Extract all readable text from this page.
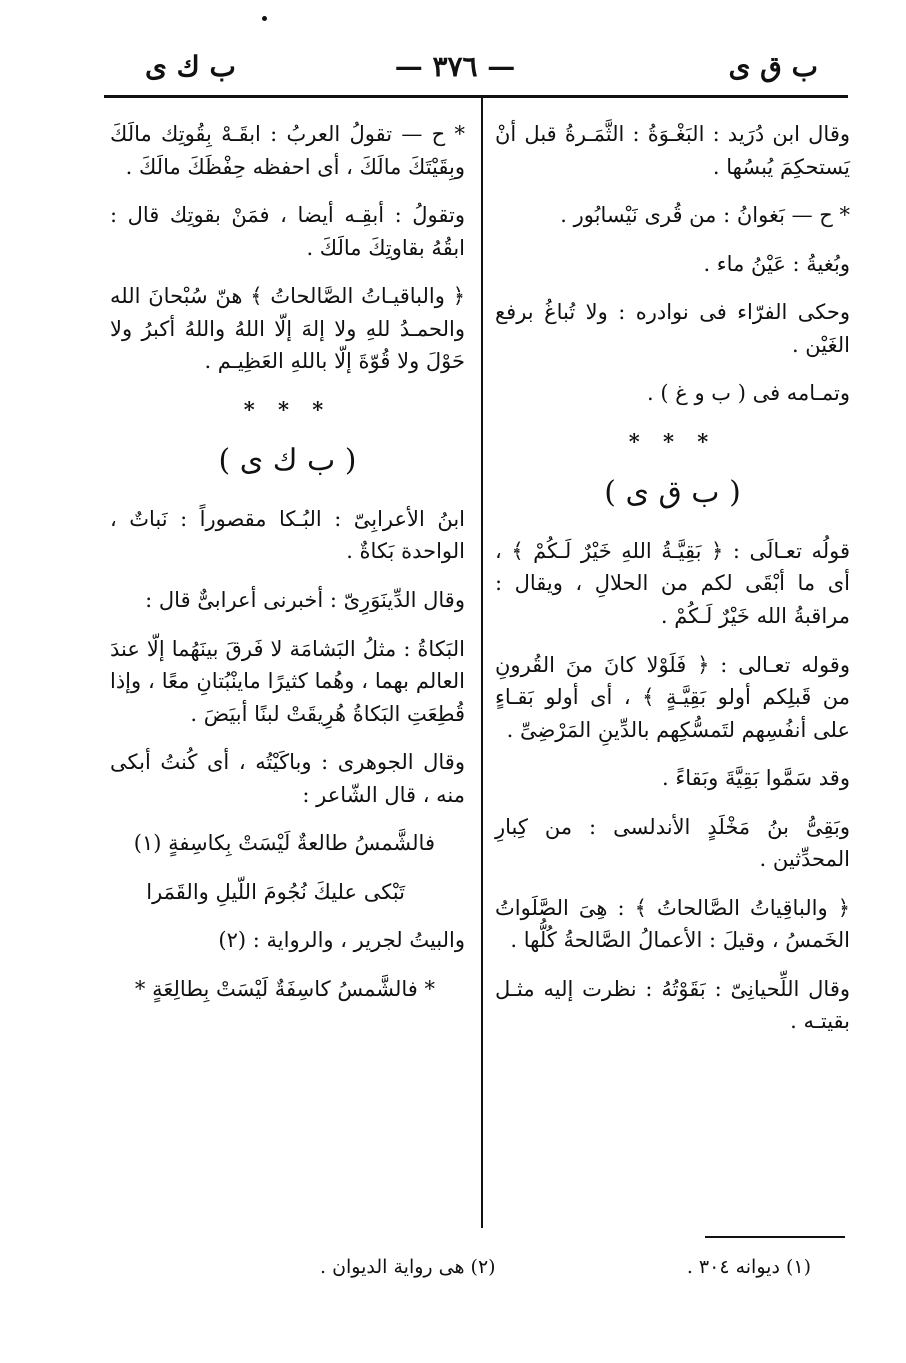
ب ق ى
— ٣٧٦ —
ب ك ى

وقال ابن دُرَيد : البَغْـوَةُ : الثَّمَـرةُ قبل أنْ يَستحكِمَ يُبسُها .

* ح — بَغوانُ : من قُرى نَيْسابُور .

وبُغيةُ : عَيْنُ ماء .

وحكى الفرّاء فى نوادره : ولا تُباغُ برفع الغَيْن .

وتمـامه فى ( ب و غ ) .

* * *
( ب ق ى )

قولُه تعـالَى : ﴿ بَقِيَّـةُ اللهِ خَيْرٌ لَـكُمْ ﴾ ، أى ما أبْقَى لكم من الحلالِ ، ويقال : مراقبةُ الله خَيْرٌ لَـكُمْ .

وقوله تعـالى : ﴿ فَلَوْلا كانَ منَ القُرونِ من قَبلِكم أولو بَقِيَّـةٍ ﴾ ، أى أولو بَقـاءٍ على أنفُسِهم لتَمسُّكِهم بالدِّينِ المَرْضِىِّ .

وقد سَمَّوا بَقِيَّةَ وبَقاءً .

وبَقِىُّ بنُ مَخْلَدٍ الأندلسى : من كِبارِ المحدِّثين .

﴿ والباقِياتُ الصَّالحاتُ ﴾ : هِىَ الصَّلَواتُ الخَمسُ ، وقيلَ : الأعمالُ الصَّالحةُ كُلُّها .

وقال اللِّحيانِىّ : بَقَوْتُهُ : نظرت إليه مثـل بقيتـه .

* ح — تقولُ العربُ : ابقَـهْ بِقُوتِك مالَكَ وبِقَيْتَكَ مالَكَ ، أى احفظه حِفْظَكَ مالَكَ .

وتقولُ : أبقِـه أيضا ، فمَنْ بقوتِك قال : ابقُهُ بقاوتِكَ مالَكَ .

﴿ والباقيـاتُ الصَّالحاتُ ﴾ هنّ سُبْحانَ الله والحمـدُ للهِ ولا إلهَ إلّا اللهُ واللهُ أكبرُ ولا حَوْلَ ولا قُوّةَ إلّا باللهِ العَظِيـم .

* * *
( ب ك ى )

ابنُ الأعرابِىّ : البُـكا مقصوراً : نَباتٌ ، الواحدة بَكاةٌ .

وقال الدِّينَوَرِىّ : أخبرنى أعرابىٌّ قال :

البَكاةُ : مثلُ البَشامَة لا فَرقَ بينَهُما إلّا عندَ العالم بهما ، وهُما كثيرًا ماينْبُتانِ معًا ، وإذا قُطِعَتِ البَكاةُ هُرِيقَتْ لبنًا أبيَضَ .

وقال الجوهرى : وباكَيْتُه ، أى كُنتُ أبكى منه ، قال الشّاعر :

فالشَّمسُ طالعةٌ لَيْسَتْ بِكاسِفةٍ (١)

تَبْكى عليكَ نُجُومَ اللّيلِ والقَمَرا

والبيتُ لجرير ، والرواية : (٢)

* فالشَّمسُ كاسِفَةٌ لَيْسَتْ بِطالِعَةٍ *

(١) ديوانه ٣٠٤ .
(٢) هى رواية الديوان .
